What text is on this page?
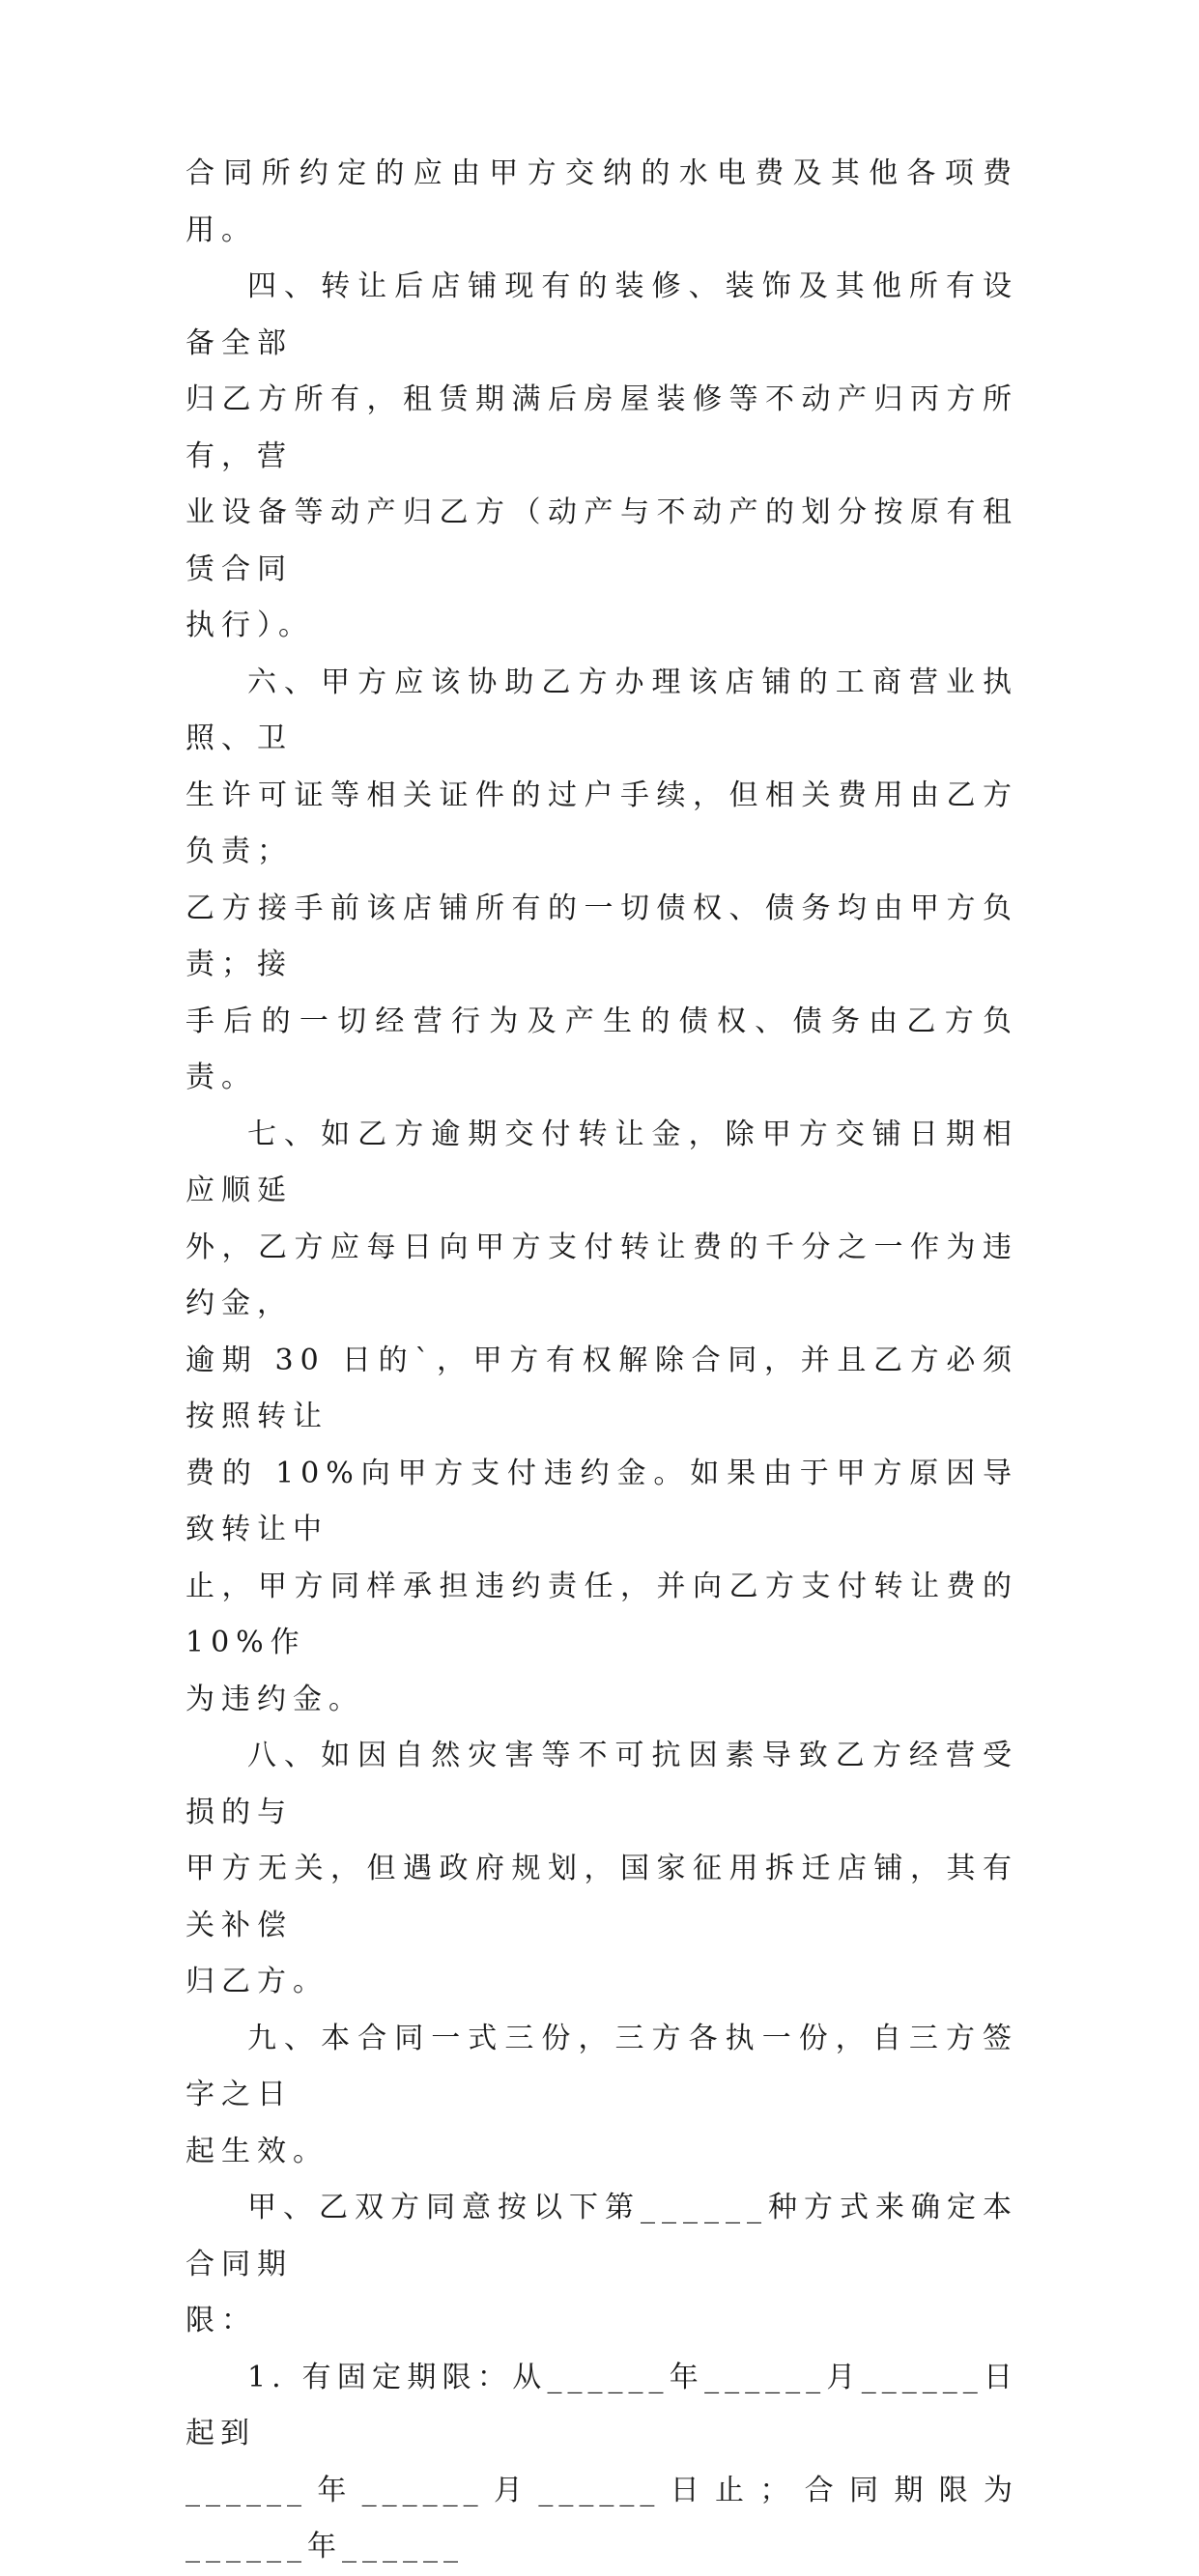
合同所约定的应由甲方交纳的水电费及其他各项费用。

四、转让后店铺现有的装修、装饰及其他所有设备全部
归乙方所有，租赁期满后房屋装修等不动产归丙方所有，营
业设备等动产归乙方（动产与不动产的划分按原有租赁合同
执行）。

六、甲方应该协助乙方办理该店铺的工商营业执照、卫
生许可证等相关证件的过户手续，但相关费用由乙方负责；
乙方接手前该店铺所有的一切债权、债务均由甲方负责；接
手后的一切经营行为及产生的债权、债务由乙方负责。

七、如乙方逾期交付转让金，除甲方交铺日期相应顺延
外，乙方应每日向甲方支付转让费的千分之一作为违约金，
逾期 30 日的`，甲方有权解除合同，并且乙方必须按照转让
费的 10%向甲方支付违约金。如果由于甲方原因导致转让中
止，甲方同样承担违约责任，并向乙方支付转让费的 10%作
为违约金。

八、如因自然灾害等不可抗因素导致乙方经营受损的与
甲方无关，但遇政府规划，国家征用拆迁店铺，其有关补偿
归乙方。

九、本合同一式三份，三方各执一份，自三方签字之日
起生效。

甲、乙双方同意按以下第______种方式来确定本合同期
限：

1. 有固定期限：从______年______月______日起到
______年______月______日止；合同期限为______年______
